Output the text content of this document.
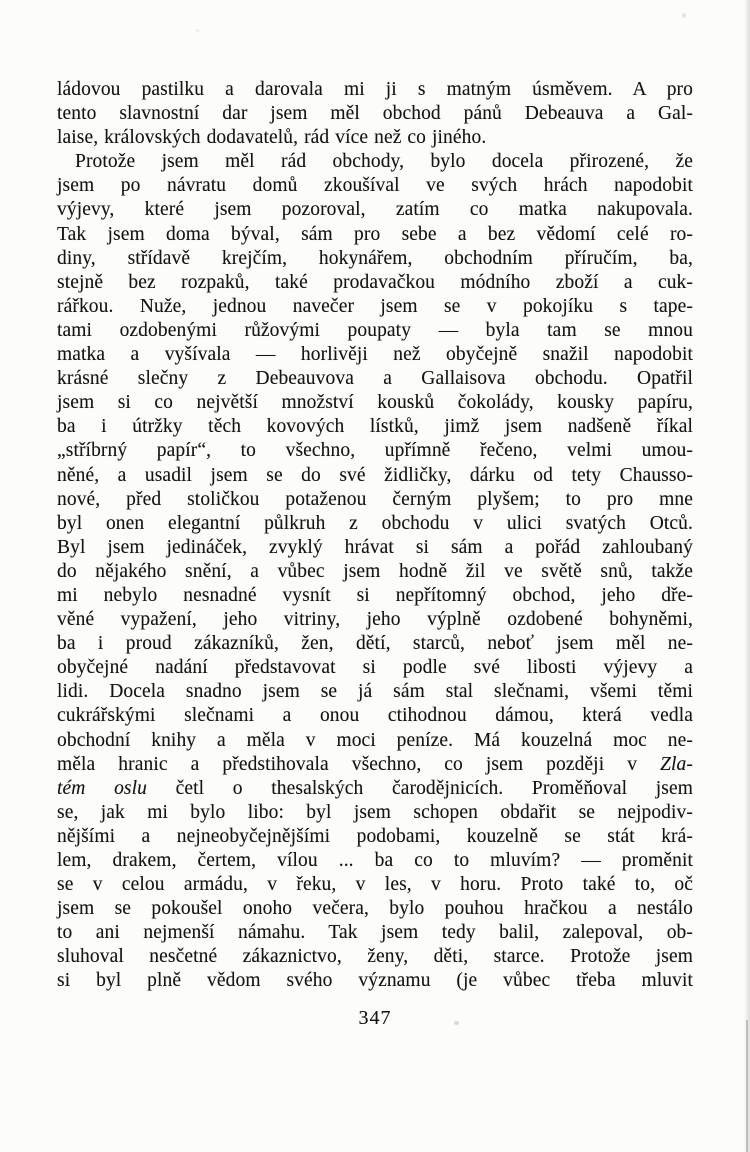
ládovou pastilku a darovala mi ji s matným úsměvem. A pro
tento slavnostní dar jsem měl obchod pánů Debeauva a Gal-
laise, královských dodavatelů, rád více než co jiného.
Protože jsem měl rád obchody, bylo docela přirozené, že
jsem po návratu domů zkoušíval ve svých hrách napodobit
výjevy, které jsem pozoroval, zatím co matka nakupovala.
Tak jsem doma býval, sám pro sebe a bez vědomí celé ro-
diny, střídavě krejčím, hokynářem, obchodním příručím, ba,
stejně bez rozpaků, také prodavačkou módního zboží a cuk-
rářkou. Nuže, jednou navečer jsem se v pokojíku s tape-
tami ozdobenými růžovými poupaty — byla tam se mnou
matka a vyšívala — horlivěji než obyčejně snažil napodobit
krásné slečny z Debeauvova a Gallaisova obchodu. Opatřil
jsem si co největší množství kousků čokolády, kousky papíru,
ba i útržky těch kovových lístků, jimž jsem nadšeně říkal
„stříbrný papír“, to všechno, upřímně řečeno, velmi umou-
něné, a usadil jsem se do své židličky, dárku od tety Chausso-
nové, před stoličkou potaženou černým plyšem; to pro mne
byl onen elegantní půlkruh z obchodu v ulici svatých Otců.
Byl jsem jedináček, zvyklý hrávat si sám a pořád zahloubaný
do nějakého snění, a vůbec jsem hodně žil ve světě snů, takže
mi nebylo nesnadné vysnít si nepřítomný obchod, jeho dře-
věné vypažení, jeho vitriny, jeho výplně ozdobené bohyněmi,
ba i proud zákazníků, žen, dětí, starců, neboť jsem měl ne-
obyčejné nadání představovat si podle své libosti výjevy a
lidi. Docela snadno jsem se já sám stal slečnami, všemi těmi
cukrářskými slečnami a onou ctihodnou dámou, která vedla
obchodní knihy a měla v moci peníze. Má kouzelná moc ne-
měla hranic a předstihovala všechno, co jsem později v Zla-
tém oslu četl o thesalských čarodějnicích. Proměňoval jsem
se, jak mi bylo libo: byl jsem schopen obdařit se nejpodiv-
nějšími a nejneobyčejnějšími podobami, kouzelně se stát krá-
lem, drakem, čertem, vílou ... ba co to mluvím? — proměnit
se v celou armádu, v řeku, v les, v horu. Proto také to, oč
jsem se pokoušel onoho večera, bylo pouhou hračkou a nestálo
to ani nejmenší námahu. Tak jsem tedy balil, zalepoval, ob-
sluhoval nesčetné zákaznictvo, ženy, děti, starce. Protože jsem
si byl plně vědom svého významu (je vůbec třeba mluvit
347
